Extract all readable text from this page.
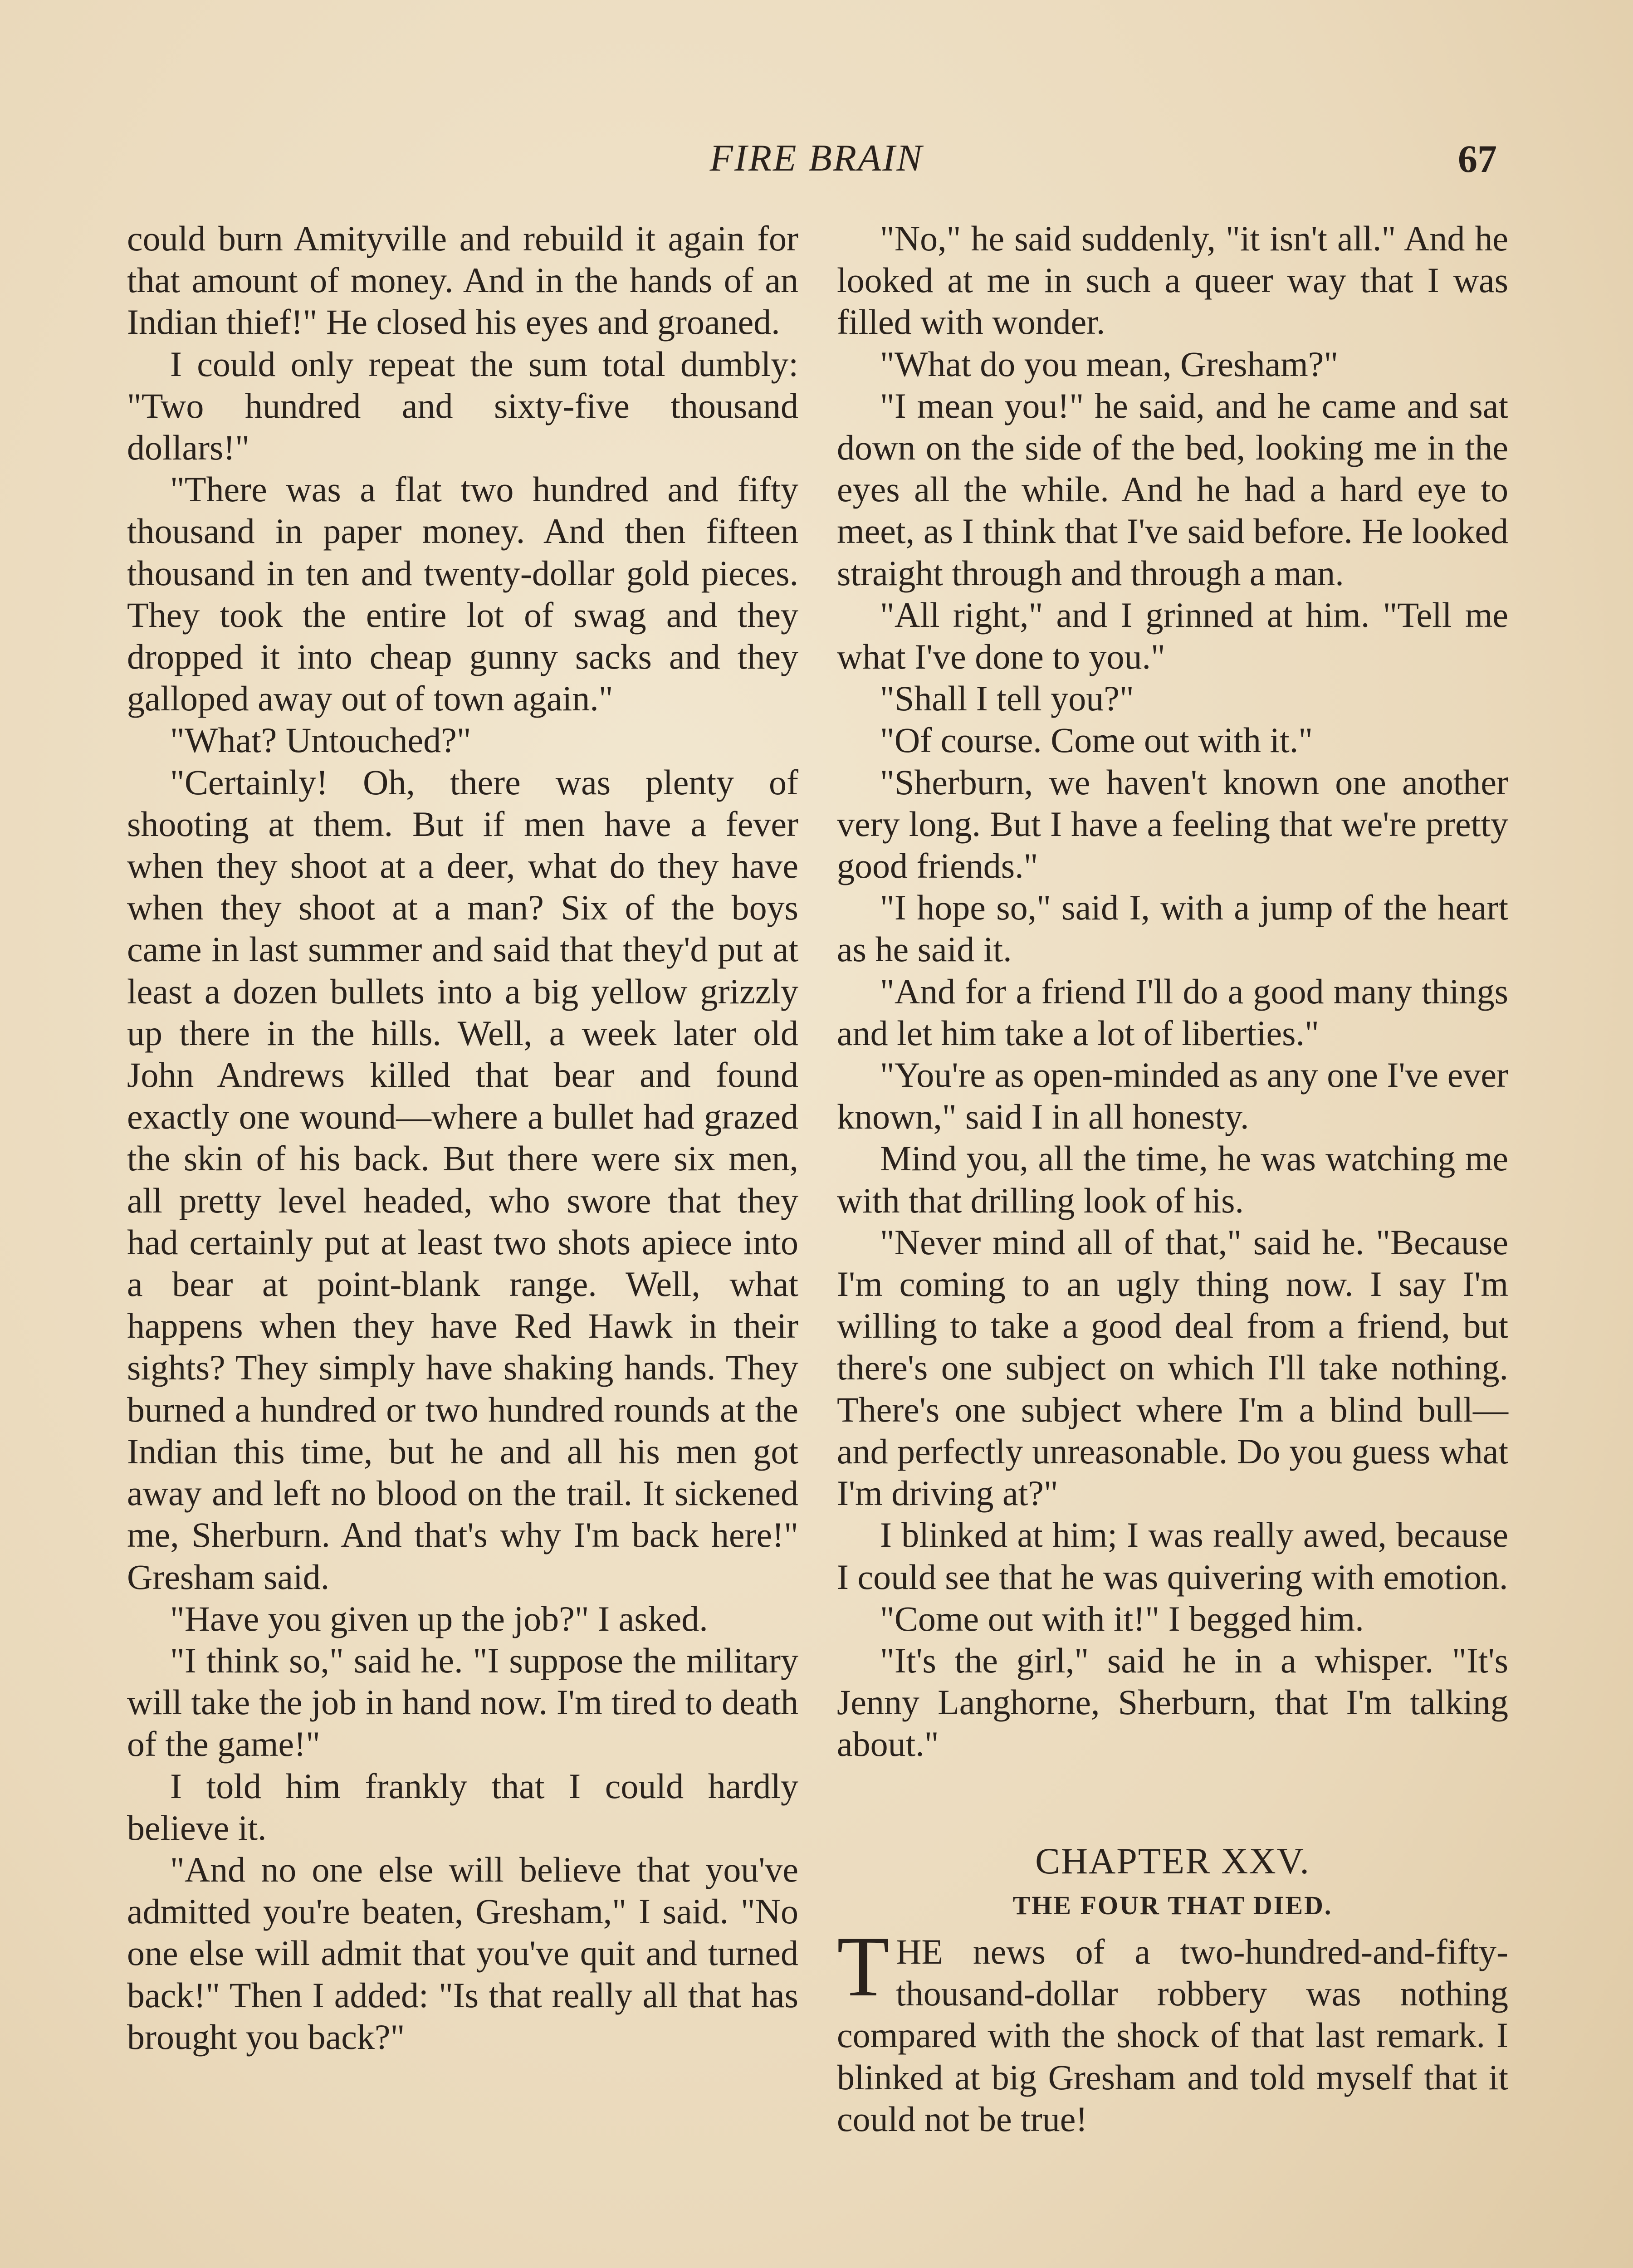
FIRE BRAIN	67

could burn Amityville and rebuild it again for that amount of money. And in the hands of an Indian thief!" He closed his eyes and groaned.

I could only repeat the sum total dumbly: "Two hundred and sixty-five thousand dollars!"

"There was a flat two hundred and fifty thousand in paper money. And then fifteen thousand in ten and twenty-dollar gold pieces. They took the entire lot of swag and they dropped it into cheap gunny sacks and they galloped away out of town again."

"What? Untouched?"

"Certainly! Oh, there was plenty of shooting at them. But if men have a fever when they shoot at a deer, what do they have when they shoot at a man? Six of the boys came in last summer and said that they'd put at least a dozen bullets into a big yellow grizzly up there in the hills. Well, a week later old John Andrews killed that bear and found exactly one wound—where a bullet had grazed the skin of his back. But there were six men, all pretty level headed, who swore that they had certainly put at least two shots apiece into a bear at point-blank range. Well, what happens when they have Red Hawk in their sights? They simply have shaking hands. They burned a hundred or two hundred rounds at the Indian this time, but he and all his men got away and left no blood on the trail. It sickened me, Sherburn. And that's why I'm back here!" Gresham said.

"Have you given up the job?" I asked.

"I think so," said he. "I suppose the military will take the job in hand now. I'm tired to death of the game!"

I told him frankly that I could hardly believe it.

"And no one else will believe that you've admitted you're beaten, Gresham," I said. "No one else will admit that you've quit and turned back!" Then I added: "Is that really all that has brought you back?"

"No," he said suddenly, "it isn't all." And he looked at me in such a queer way that I was filled with wonder.

"What do you mean, Gresham?"

"I mean you!" he said, and he came and sat down on the side of the bed, looking me in the eyes all the while. And he had a hard eye to meet, as I think that I've said before. He looked straight through and through a man.

"All right," and I grinned at him. "Tell me what I've done to you."

"Shall I tell you?"

"Of course. Come out with it."

"Sherburn, we haven't known one another very long. But I have a feeling that we're pretty good friends."

"I hope so," said I, with a jump of the heart as he said it.

"And for a friend I'll do a good many things and let him take a lot of liberties."

"You're as open-minded as any one I've ever known," said I in all honesty.

Mind you, all the time, he was watching me with that drilling look of his.

"Never mind all of that," said he. "Because I'm coming to an ugly thing now. I say I'm willing to take a good deal from a friend, but there's one subject on which I'll take nothing. There's one subject where I'm a blind bull—and perfectly unreasonable. Do you guess what I'm driving at?"

I blinked at him; I was really awed, because I could see that he was quivering with emotion.

"Come out with it!" I begged him.

"It's the girl," said he in a whisper. "It's Jenny Langhorne, Sherburn, that I'm talking about."

CHAPTER XXV.
THE FOUR THAT DIED.

THE news of a two-hundred-and-fifty-thousand-dollar robbery was nothing compared with the shock of that last remark. I blinked at big Gresham and told myself that it could not be true!
